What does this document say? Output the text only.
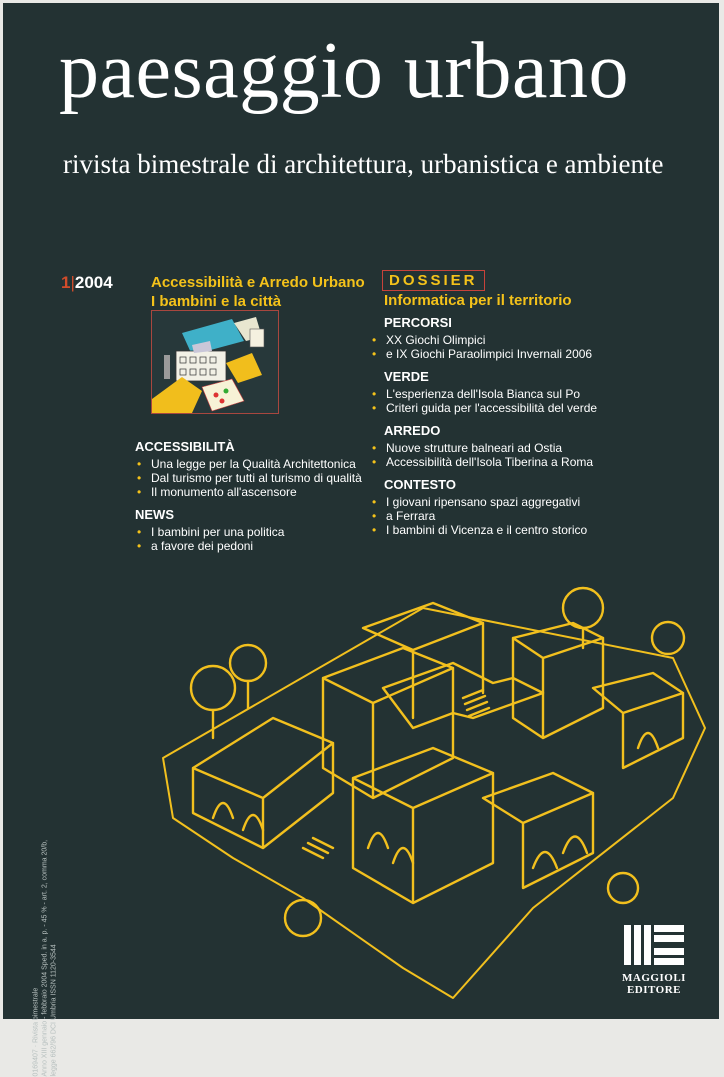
paesaggio urbano
rivista bimestrale di architettura, urbanistica e ambiente
1|2004	Accessibilità e Arredo Urbano
I bambini e la città
ACCESSIBILITÀ
• Una legge per la Qualità Architettonica
• Dal turismo per tutti al turismo di qualità
• Il monumento all'ascensore
NEWS
• I bambini per una politica
• a favore dei pedoni
DOSSIER
Informatica per il territorio
PERCORSI
• XX Giochi Olimpici
• e IX Giochi Paraolimpici Invernali 2006
VERDE
• L'esperienza dell'Isola Bianca sul Po
• Criteri guida per l'accessibilità del verde
ARREDO
• Nuove strutture balneari ad Ostia
• Accessibilità dell'Isola Tiberina a Roma
CONTESTO
• I giovani ripensano spazi aggregativi
• a Ferrara
• I bambini di Vicenza e il centro storico
0169407 · Rivista bimestrale Anno XIII gennaio - febbraio 2004 Sped. in a. p. - 45 % - art. 2, comma 20/b, legge 662/96 DCI Umbria ISSN 1120-3544	MAGGIOLI
EDITORE
